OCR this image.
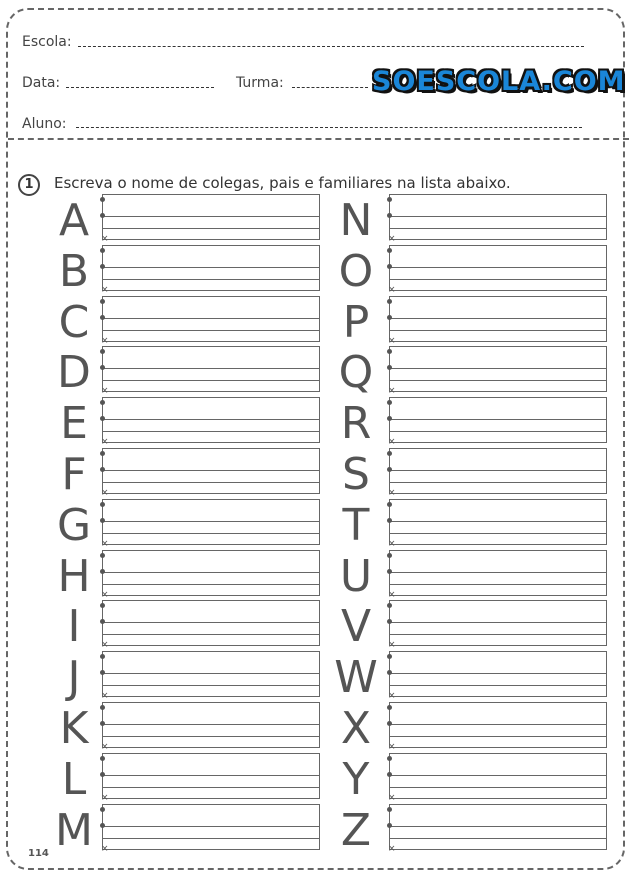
Escola:
Data:	Turma:	SOESCOLA.COM
Aluno:
1	Escreva o nome de colegas, pais e familiares na lista abaixo.
A	×
B	×
C	×
D	×
E	×
F	×
G	×
H	×
I	×
J	×
K	×
L	×
M ×
N	×
O	×
P	×
Q	×
R	×
S	×
T	×
U	×
V	×
W ×
X	×
Y	×
Z	×
114
